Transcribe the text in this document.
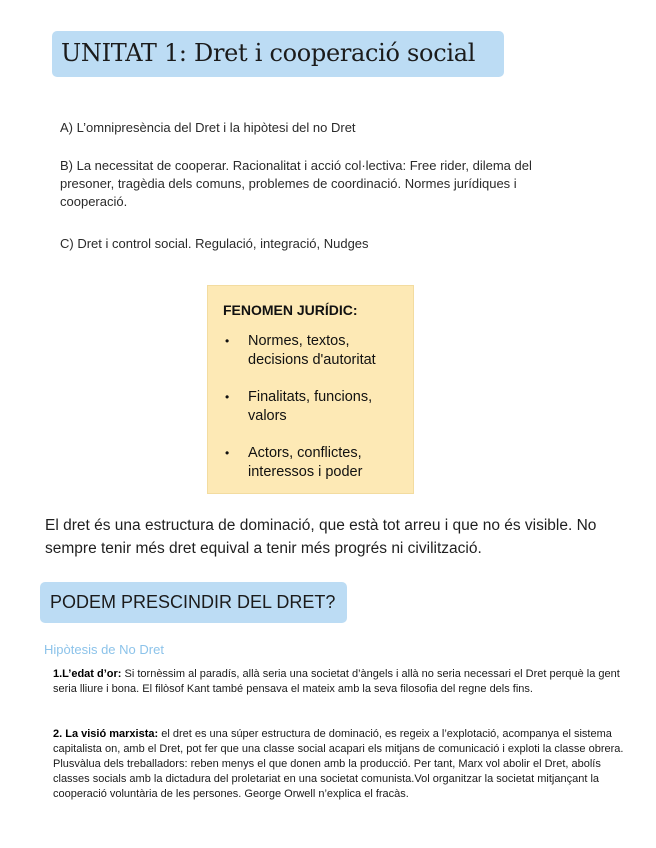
UNITAT 1: Dret i cooperació social
A) L’omnipresència del Dret i la hipòtesi del no Dret
B) La necessitat de cooperar. Racionalitat i acció col·lectiva: Free rider, dilema del presoner, tragèdia dels comuns, problemes de coordinació. Normes jurídiques i cooperació.
C) Dret i control social. Regulació, integració, Nudges
FENOMEN JURÍDIC:
• Normes, textos, decisions d'autoritat
• Finalitats, funcions, valors
• Actors, conflictes, interessos i poder
El dret és una estructura de dominació, que està tot arreu i que no és visible. No sempre tenir més dret equival a tenir més progrés ni civilització.
PODEM PRESCINDIR DEL DRET?
Hipòtesis de No Dret
1.L’edat d’or: Si tornèssim al paradís, allà seria una societat d’àngels i allà no seria necessari el Dret perquè la gent seria lliure i bona. El filòsof Kant també pensava el mateix amb la seva filosofia del regne dels fins.
2. La visió marxista: el dret es una súper estructura de dominació, es regeix a l’explotació, acompanya el sistema capitalista on, amb el Dret, pot fer que una classe social acapari els mitjans de comunicació i exploti la classe obrera. Plusvàlua dels treballadors: reben menys el que donen amb la producció. Per tant, Marx vol abolir el Dret, abolís classes socials amb la dictadura del proletariat en una societat comunista.Vol organitzar la societat mitjançant la cooperació voluntària de les persones. George Orwell n’explica el fracàs.
